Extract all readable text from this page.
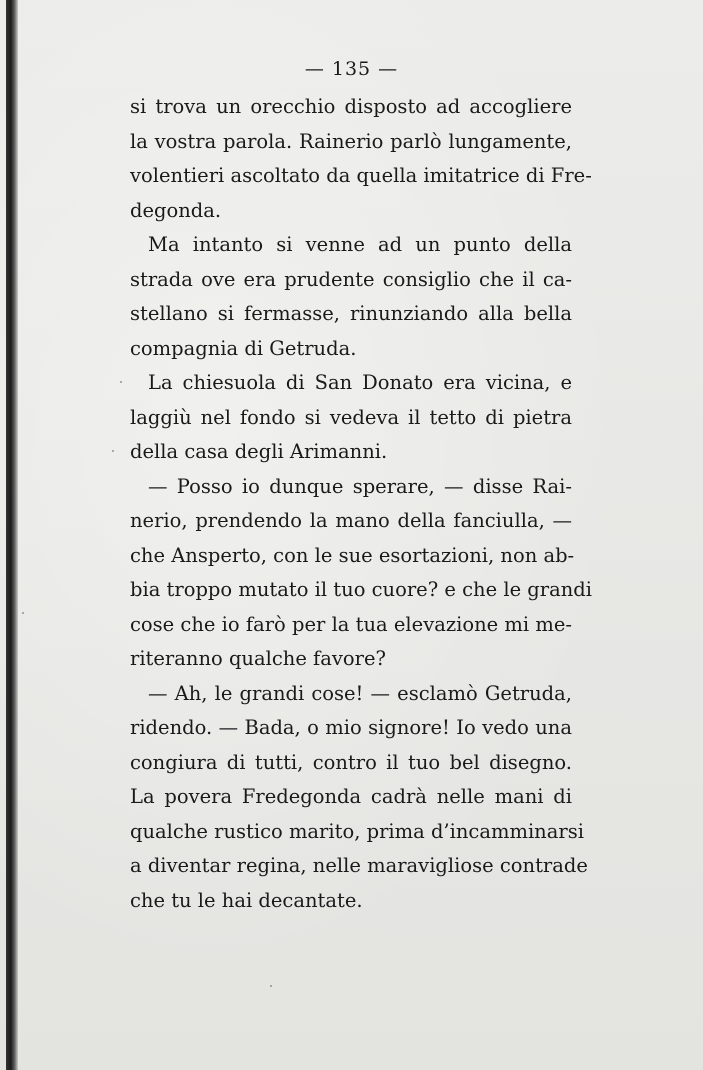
— 135 —
si trova un orecchio disposto ad accogliere
la vostra parola. Rainerio parlò lungamente,
volentieri ascoltato da quella imitatrice di Fre-
degonda.
Ma intanto si venne ad un punto della
strada ove era prudente consiglio che il ca-
stellano si fermasse, rinunziando alla bella
compagnia di Getruda.
La chiesuola di San Donato era vicina, e
laggiù nel fondo si vedeva il tetto di pietra
della casa degli Arimanni.
— Posso io dunque sperare, — disse Rai-
nerio, prendendo la mano della fanciulla, —
che Ansperto, con le sue esortazioni, non ab-
bia troppo mutato il tuo cuore? e che le grandi
cose che io farò per la tua elevazione mi me-
riteranno qualche favore?
— Ah, le grandi cose! — esclamò Getruda,
ridendo. — Bada, o mio signore! Io vedo una
congiura di tutti, contro il tuo bel disegno.
La povera Fredegonda cadrà nelle mani di
qualche rustico marito, prima d’incamminarsi
a diventar regina, nelle maravigliose contrade
che tu le hai decantate.
